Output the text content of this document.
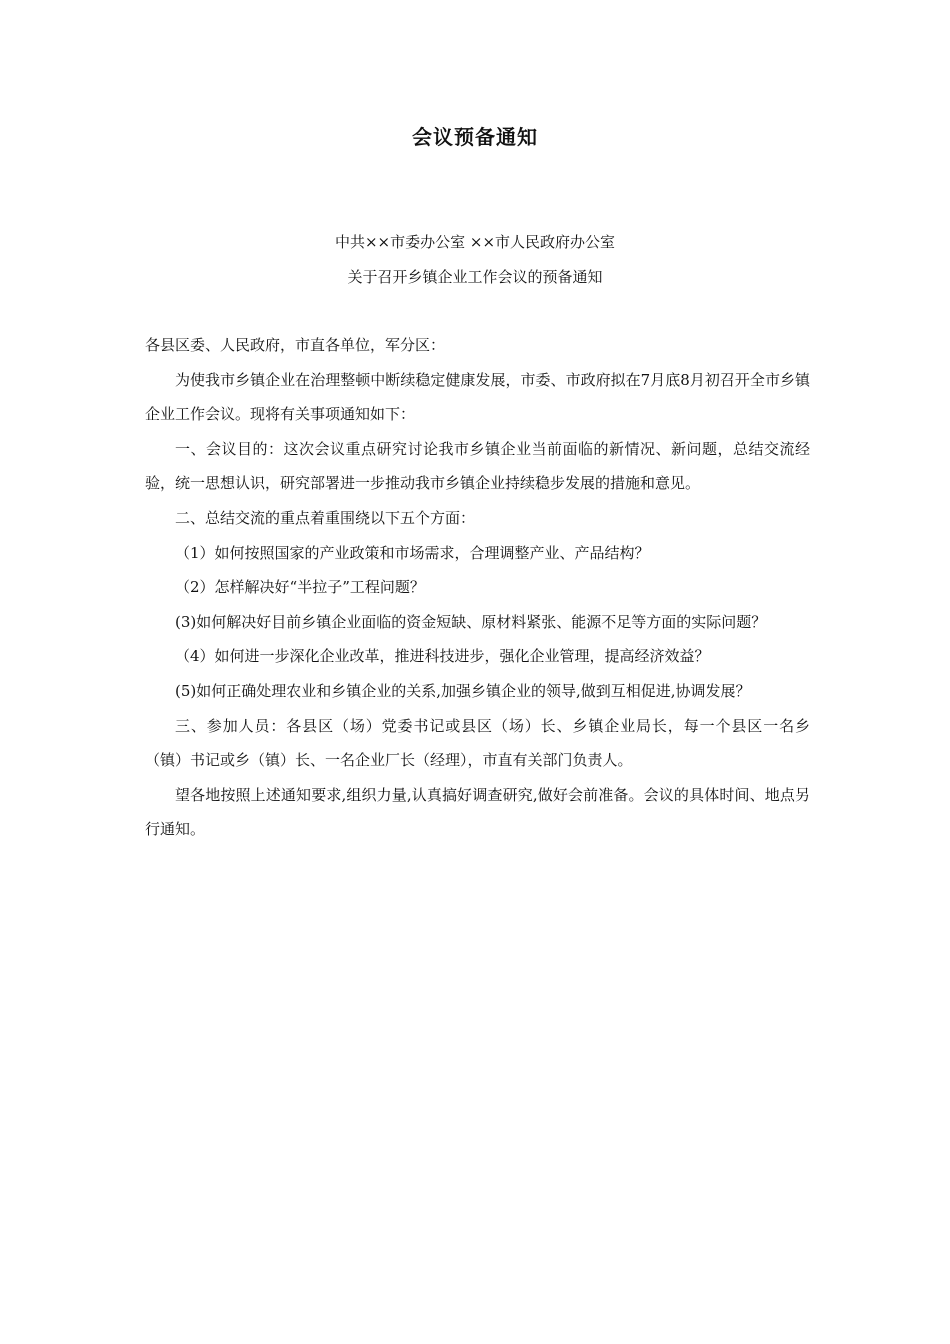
会议预备通知
中共××市委办公室 ××市人民政府办公室
关于召开乡镇企业工作会议的预备通知

各县区委、人民政府，市直各单位，军分区：

为使我市乡镇企业在治理整顿中断续稳定健康发展，市委、市政府拟在7月底8月初召开全市乡镇企业工作会议。现将有关事项通知如下：

一、会议目的：这次会议重点研究讨论我市乡镇企业当前面临的新情况、新问题，总结交流经验，统一思想认识，研究部署进一步推动我市乡镇企业持续稳步发展的措施和意见。

二、总结交流的重点着重围绕以下五个方面：

（1）如何按照国家的产业政策和市场需求，合理调整产业、产品结构？

（2）怎样解决好“半拉子”工程问题？

(3)如何解决好目前乡镇企业面临的资金短缺、原材料紧张、能源不足等方面的实际问题？

（4）如何进一步深化企业改革，推进科技进步，强化企业管理，提高经济效益？

(5)如何正确处理农业和乡镇企业的关系,加强乡镇企业的领导,做到互相促进,协调发展？

三、参加人员：各县区（场）党委书记或县区（场）长、乡镇企业局长，每一个县区一名乡（镇）书记或乡（镇）长、一名企业厂长（经理），市直有关部门负责人。

望各地按照上述通知要求,组织力量,认真搞好调查研究,做好会前准备。会议的具体时间、地点另行通知。
